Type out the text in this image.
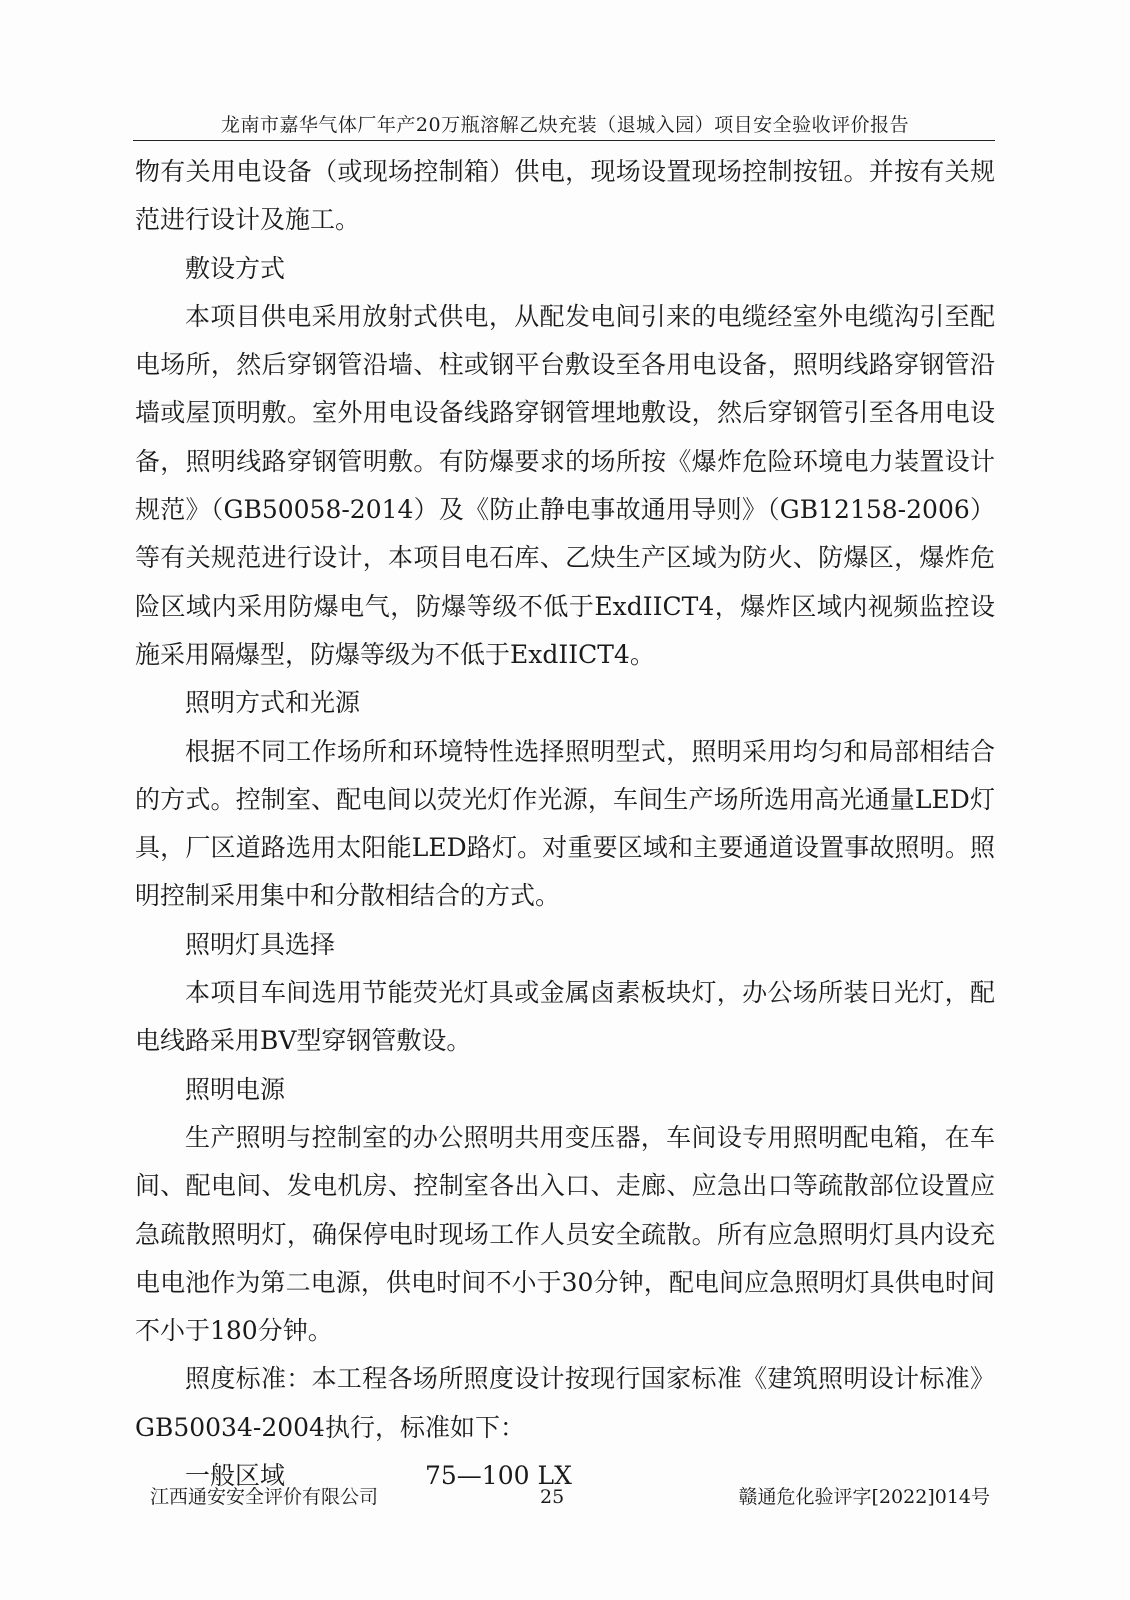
龙南市嘉华气体厂年产20万瓶溶解乙炔充装（退城入园）项目安全验收评价报告

物有关用电设备（或现场控制箱）供电，现场设置现场控制按钮。并按有关规范进行设计及施工。

敷设方式

本项目供电采用放射式供电，从配发电间引来的电缆经室外电缆沟引至配电场所，然后穿钢管沿墙、柱或钢平台敷设至各用电设备，照明线路穿钢管沿墙或屋顶明敷。室外用电设备线路穿钢管埋地敷设，然后穿钢管引至各用电设备，照明线路穿钢管明敷。有防爆要求的场所按《爆炸危险环境电力装置设计规范》（GB50058-2014）及《防止静电事故通用导则》（GB12158-2006）等有关规范进行设计，本项目电石库、乙炔生产区域为防火、防爆区，爆炸危险区域内采用防爆电气，防爆等级不低于ExdIICT4，爆炸区域内视频监控设施采用隔爆型，防爆等级为不低于ExdIICT4。

照明方式和光源

根据不同工作场所和环境特性选择照明型式，照明采用均匀和局部相结合的方式。控制室、配电间以荧光灯作光源，车间生产场所选用高光通量LED灯具，厂区道路选用太阳能LED路灯。对重要区域和主要通道设置事故照明。照明控制采用集中和分散相结合的方式。

照明灯具选择

本项目车间选用节能荧光灯具或金属卤素板块灯，办公场所装日光灯，配电线路采用BV型穿钢管敷设。

照明电源

生产照明与控制室的办公照明共用变压器，车间设专用照明配电箱，在车间、配电间、发电机房、控制室各出入口、走廊、应急出口等疏散部位设置应急疏散照明灯，确保停电时现场工作人员安全疏散。所有应急照明灯具内设充电电池作为第二电源，供电时间不小于30分钟，配电间应急照明灯具供电时间不小于180分钟。

照度标准：本工程各场所照度设计按现行国家标准《建筑照明设计标准》GB50034-2004执行，标准如下：

一般区域	75—100 LX
江西通安安全评价有限公司	25	赣通危化验评字[2022]014号
